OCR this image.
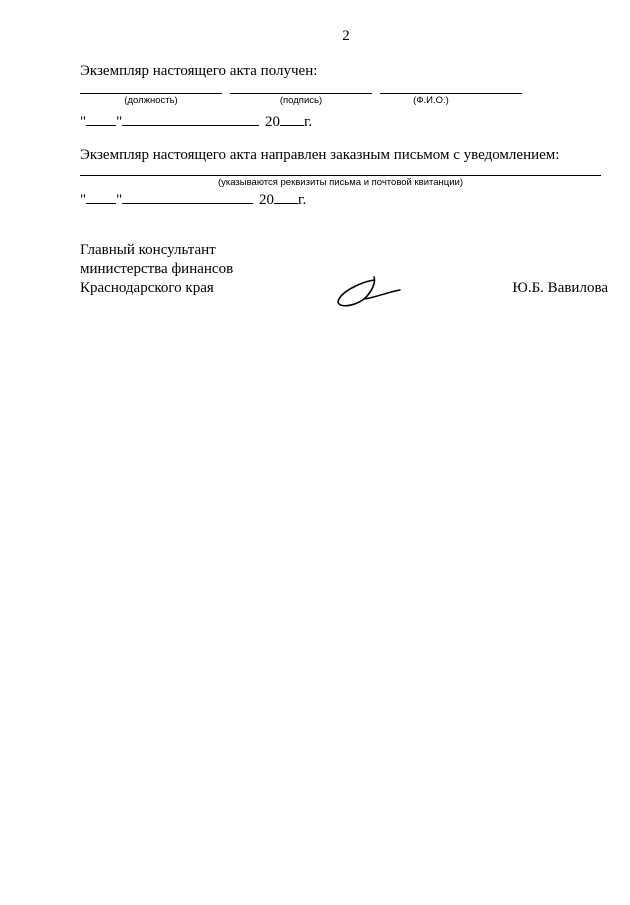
2
Экземпляр настоящего акта получен:
(должность)	(подпись)	(Ф.И.О.)
" "	20 г.
Экземпляр настоящего акта направлен заказным письмом с уведомлением:
(указываются реквизиты письма и почтовой квитанции)
" "	20 г.
Главный консультант
министерства финансов
Краснодарского края	Ю.Б. Вавилова
